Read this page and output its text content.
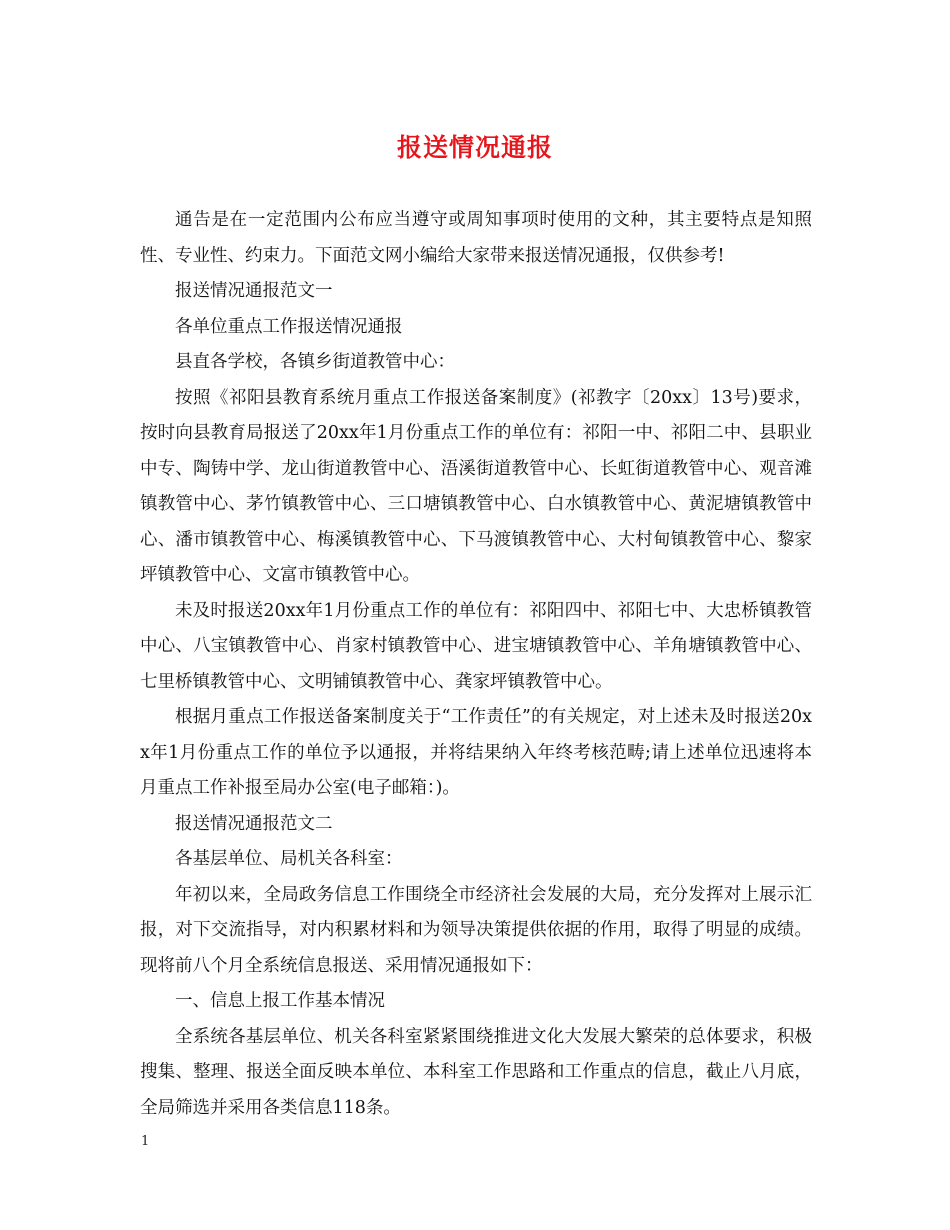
报送情况通报

通告是在一定范围内公布应当遵守或周知事项时使用的文种，其主要特点是知照性、专业性、约束力。下面范文网小编给大家带来报送情况通报，仅供参考!

报送情况通报范文一

各单位重点工作报送情况通报

县直各学校，各镇乡街道教管中心：

按照《祁阳县教育系统月重点工作报送备案制度》(祁教字〔20xx〕13号)要求，按时向县教育局报送了20xx年1月份重点工作的单位有：祁阳一中、祁阳二中、县职业中专、陶铸中学、龙山街道教管中心、浯溪街道教管中心、长虹街道教管中心、观音滩镇教管中心、茅竹镇教管中心、三口塘镇教管中心、白水镇教管中心、黄泥塘镇教管中心、潘市镇教管中心、梅溪镇教管中心、下马渡镇教管中心、大村甸镇教管中心、黎家坪镇教管中心、文富市镇教管中心。

未及时报送20xx年1月份重点工作的单位有：祁阳四中、祁阳七中、大忠桥镇教管中心、八宝镇教管中心、肖家村镇教管中心、进宝塘镇教管中心、羊角塘镇教管中心、七里桥镇教管中心、文明铺镇教管中心、龚家坪镇教管中心。

根据月重点工作报送备案制度关于“工作责任”的有关规定，对上述未及时报送20xx年1月份重点工作的单位予以通报，并将结果纳入年终考核范畴;请上述单位迅速将本月重点工作补报至局办公室(电子邮箱：)。

报送情况通报范文二

各基层单位、局机关各科室：

年初以来，全局政务信息工作围绕全市经济社会发展的大局，充分发挥对上展示汇报，对下交流指导，对内积累材料和为领导决策提供依据的作用，取得了明显的成绩。现将前八个月全系统信息报送、采用情况通报如下：

一、信息上报工作基本情况

全系统各基层单位、机关各科室紧紧围绕推进文化大发展大繁荣的总体要求，积极搜集、整理、报送全面反映本单位、本科室工作思路和工作重点的信息，截止八月底，全局筛选并采用各类信息118条。

1
